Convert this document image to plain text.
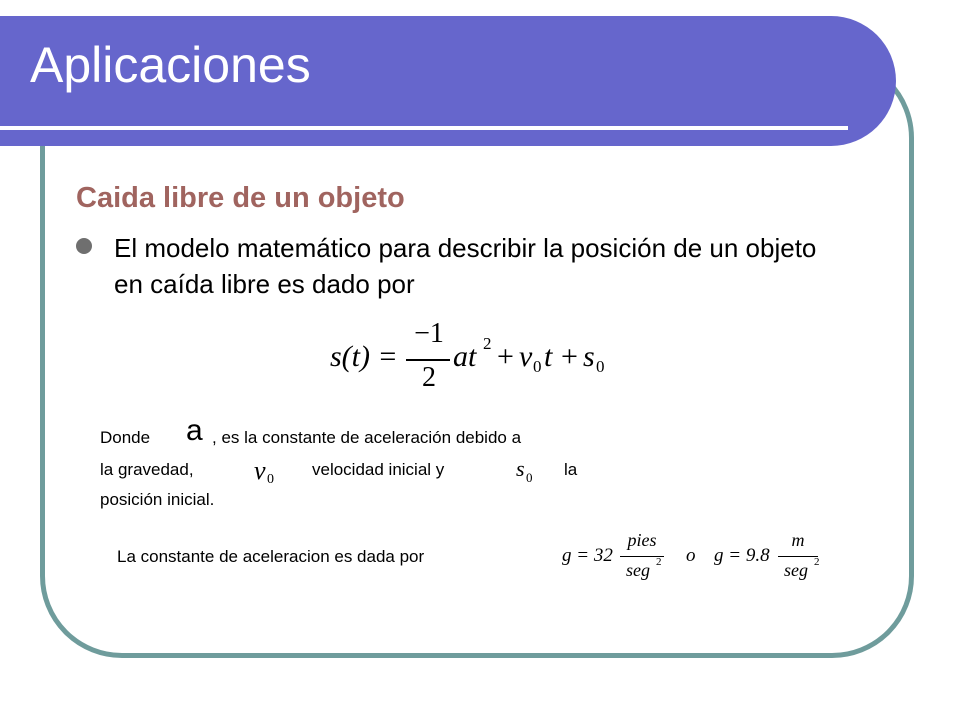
Aplicaciones
Caida libre de un objeto
El modelo matemático para describir la posición de un objeto en caída libre es dado por
s(t) =
−1
2
at 2 + v 0 t + s 0
Donde a , es la constante de aceleración debido a
la gravedad, v 0
velocidad inicial y	s 0 la
posición inicial.
La constante de aceleracion es dada por	g = 32
pies
seg 2 o g = 9.8
m
seg 2
